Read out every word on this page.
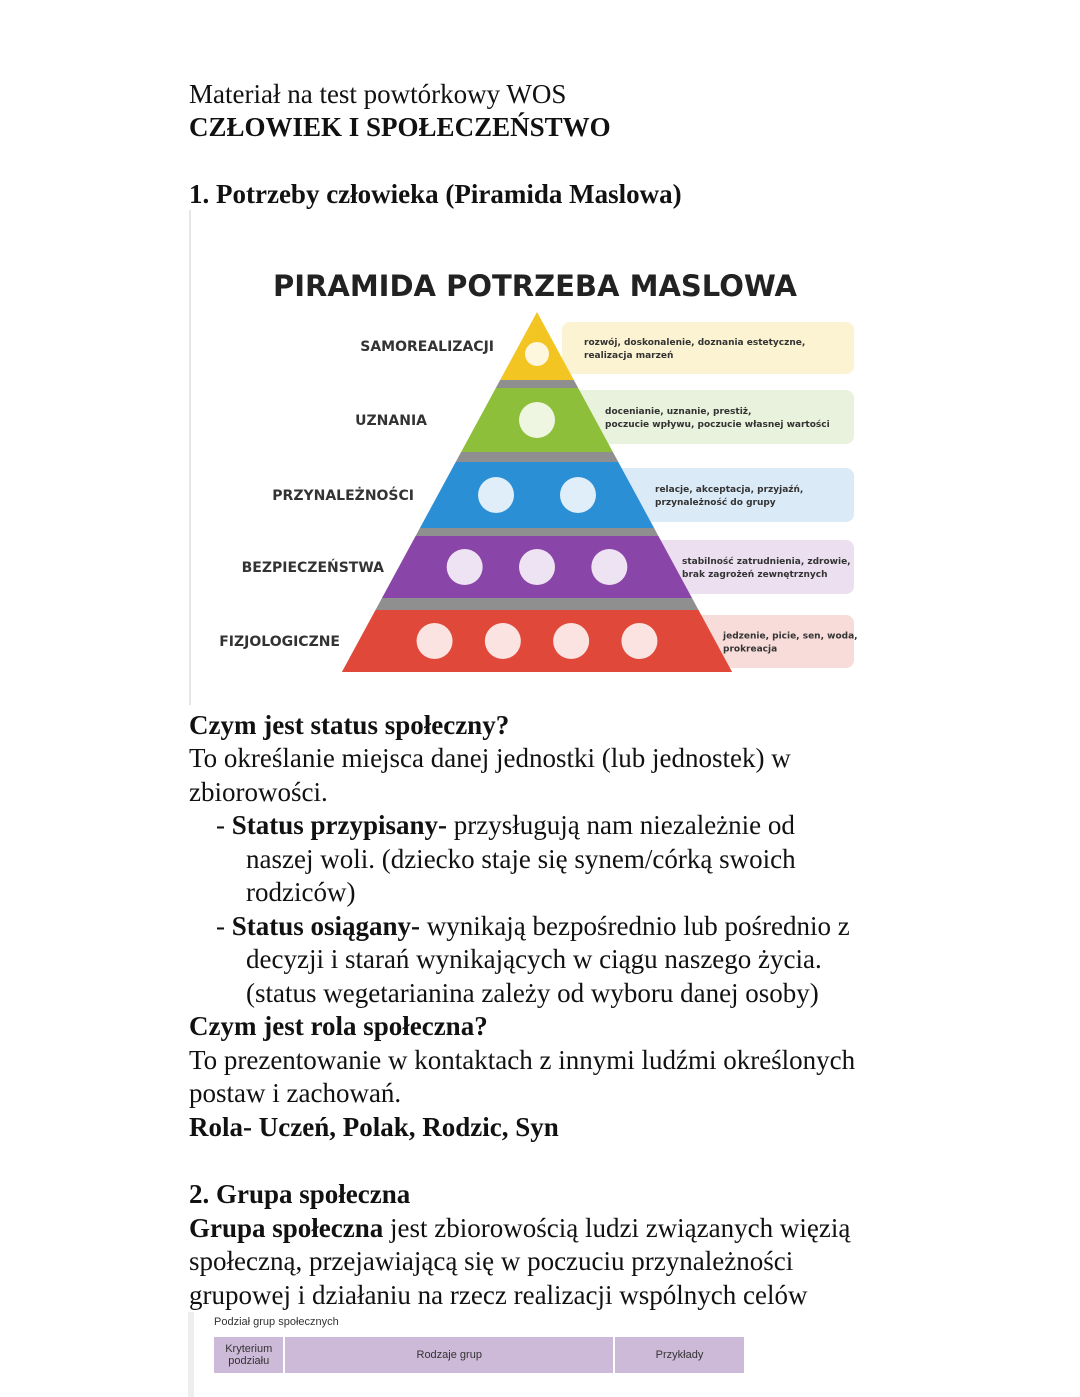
Materiał na test powtórkowy WOS
CZŁOWIEK I SPOŁECZEŃSTWO
1. Potrzeby człowieka (Piramida Maslowa)
PIRAMIDA POTRZEBA MASLOWA
SAMOREALIZACJI	rozwój, doskonalenie, doznania estetyczne,
realizacja marzeń
UZNANIA
docenianie, uznanie, prestiż,
poczucie wpływu, poczucie własnej wartości
PRZYNALEŻNOŚCI	relacje, akceptacja, przyjaźń,
przynależność do grupy
BEZPIECZEŃSTWA	stabilność zatrudnienia, zdrowie,
brak zagrożeń zewnętrznych
FIZJOLOGICZNE	jedzenie, picie, sen, woda,
prokreacja
Czym jest status społeczny?
To określanie miejsca danej jednostki (lub jednostek) w
zbiorowości.
- Status przypisany- przysługują nam niezależnie od
naszej woli. (dziecko staje się synem/córką swoich
rodziców)
- Status osiągany- wynikają bezpośrednio lub pośrednio z
decyzji i starań wynikających w ciągu naszego życia.
(status wegetarianina zależy od wyboru danej osoby)
Czym jest rola społeczna?
To prezentowanie w kontaktach z innymi ludźmi określonych
postaw i zachowań.
Rola- Uczeń, Polak, Rodzic, Syn
2. Grupa społeczna
Grupa społeczna jest zbiorowością ludzi związanych więzią
społeczną, przejawiającą się w poczuciu przynależności
grupowej i działaniu na rzecz realizacji wspólnych celów
Podział grup społecznych
Kryterium podziału	Rodzaje grup	Przykłady
